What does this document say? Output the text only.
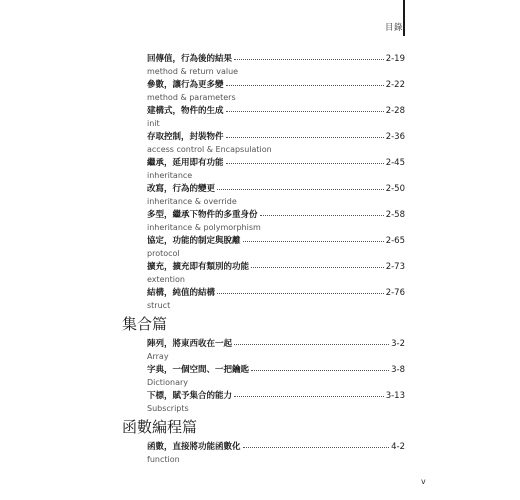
目錄
回傳值，行為後的結果	2-19
method & return value
參數，讓行為更多變	2-22
method & parameters
建構式，物件的生成	2-28
init
存取控制，封裝物件	2-36
access control & Encapsulation
繼承，延用即有功能	2-45
inheritance
改寫，行為的變更	2-50
inheritance & override
多型，繼承下物件的多重身份	2-58
inheritance & polymorphism
協定，功能的制定與脫離	2-65
protocol
擴充，擴充即有類別的功能	2-73
extention
結構，純值的結構	2-76
struct
集合篇
陣列，將東西收在一起	3-2
Array
字典，一個空間、一把鑰匙	3-8
Dictionary
下標，賦予集合的能力	3-13
Subscripts
函數編程篇
函數，直接將功能函數化	4-2
function
v
